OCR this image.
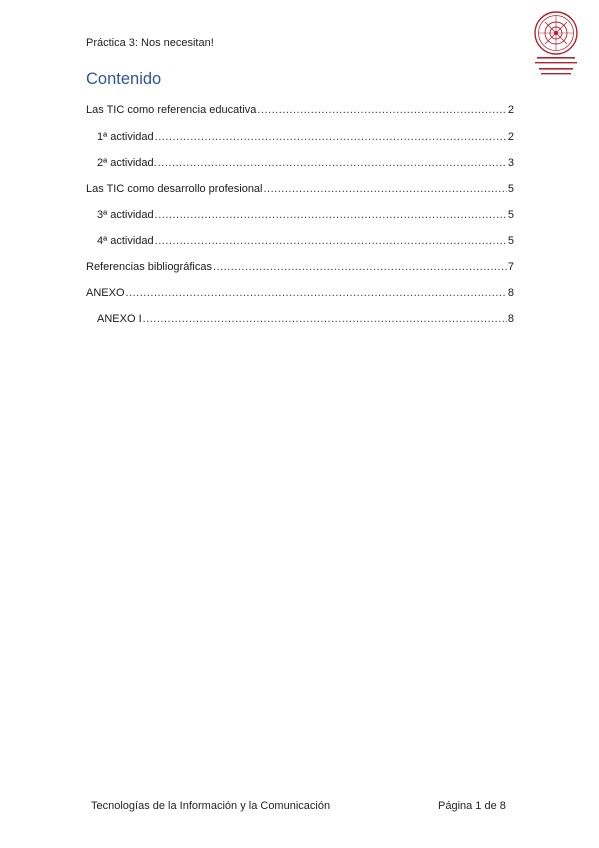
Práctica 3: Nos necesitan!
Contenido
Las TIC como referencia educativa .....	2
1ª actividad .....	2
2ª actividad. .....	3
Las TIC como desarrollo profesional .....	5
3ª actividad .....	5
4ª actividad .....	5
Referencias bibliográficas .....	7
ANEXO .....	8
ANEXO I .....	8
Tecnologías de la Información y la Comunicación	Página 1 de 8
